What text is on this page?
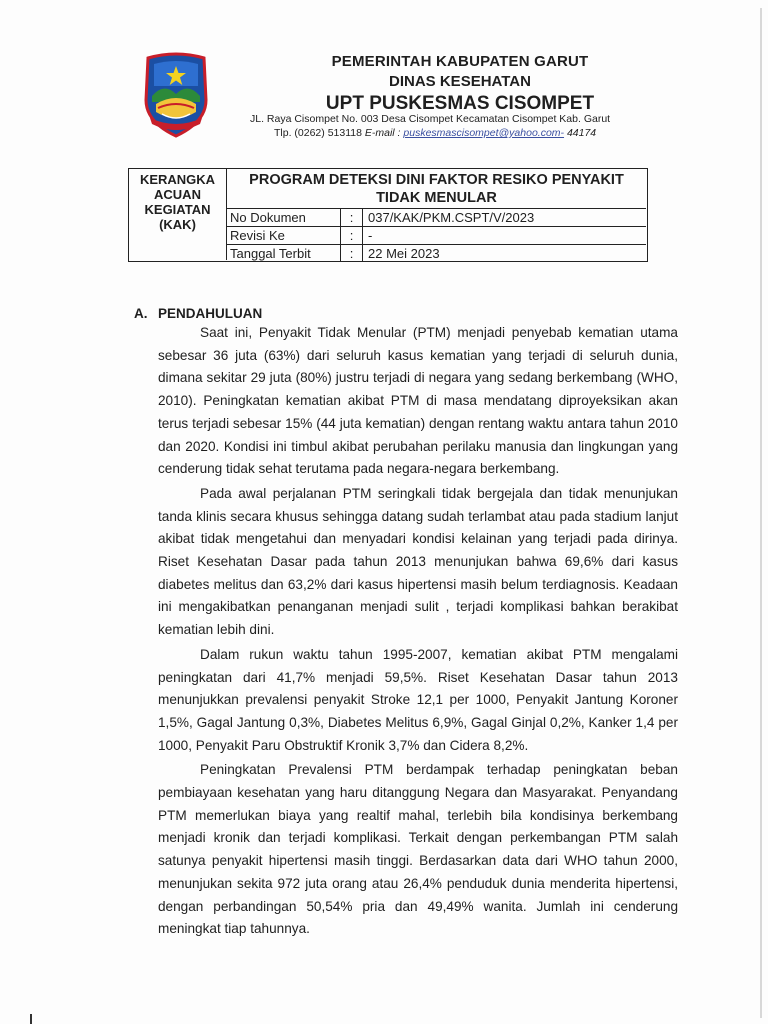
PEMERINTAH KABUPATEN GARUT

DINAS KESEHATAN

UPT PUSKESMAS CISOMPET

JL. Raya Cisompet No. 003 Desa Cisompet Kecamatan Cisompet Kab. Garut
Tlp. (0262) 513118 E-mail : puskesmascisompet@yahoo.com- 44174
KERANGKA
ACUAN
KEGIATAN
(KAK)
PROGRAM DETEKSI DINI FAKTOR RESIKO PENYAKIT
TIDAK MENULAR
No Dokumen	:	037/KAK/PKM.CSPT/V/2023
Revisi Ke	:	-
Tanggal Terbit	:	22 Mei 2023
A. PENDAHULUAN

Saat ini, Penyakit Tidak Menular (PTM) menjadi penyebab kematian utama sebesar 36 juta (63%) dari seluruh kasus kematian yang terjadi di seluruh dunia, dimana sekitar 29 juta (80%) justru terjadi di negara yang sedang berkembang (WHO, 2010). Peningkatan kematian akibat PTM di masa mendatang diproyeksikan akan terus terjadi sebesar 15% (44 juta kematian) dengan rentang waktu antara tahun 2010 dan 2020. Kondisi ini timbul akibat perubahan perilaku manusia dan lingkungan yang cenderung tidak sehat terutama pada negara-negara berkembang.

Pada awal perjalanan PTM seringkali tidak bergejala dan tidak menunjukan tanda klinis secara khusus sehingga datang sudah terlambat atau pada stadium lanjut akibat tidak mengetahui dan menyadari kondisi kelainan yang terjadi pada dirinya. Riset Kesehatan Dasar pada tahun 2013 menunjukan bahwa 69,6% dari kasus diabetes melitus dan 63,2% dari kasus hipertensi masih belum terdiagnosis. Keadaan ini mengakibatkan penanganan menjadi sulit , terjadi komplikasi bahkan berakibat kematian lebih dini.

Dalam rukun waktu tahun 1995-2007, kematian akibat PTM mengalami peningkatan dari 41,7% menjadi 59,5%. Riset Kesehatan Dasar tahun 2013 menunjukkan prevalensi penyakit Stroke 12,1 per 1000, Penyakit Jantung Koroner 1,5%, Gagal Jantung 0,3%, Diabetes Melitus 6,9%, Gagal Ginjal 0,2%, Kanker 1,4 per 1000, Penyakit Paru Obstruktif Kronik 3,7% dan Cidera 8,2%.

Peningkatan Prevalensi PTM berdampak terhadap peningkatan beban pembiayaan kesehatan yang haru ditanggung Negara dan Masyarakat. Penyandang PTM memerlukan biaya yang realtif mahal, terlebih bila kondisinya berkembang menjadi kronik dan terjadi komplikasi. Terkait dengan perkembangan PTM salah satunya penyakit hipertensi masih tinggi. Berdasarkan data dari WHO tahun 2000, menunjukan sekita 972 juta orang atau 26,4% penduduk dunia menderita hipertensi, dengan perbandingan 50,54% pria dan 49,49% wanita. Jumlah ini cenderung meningkat tiap tahunnya.
